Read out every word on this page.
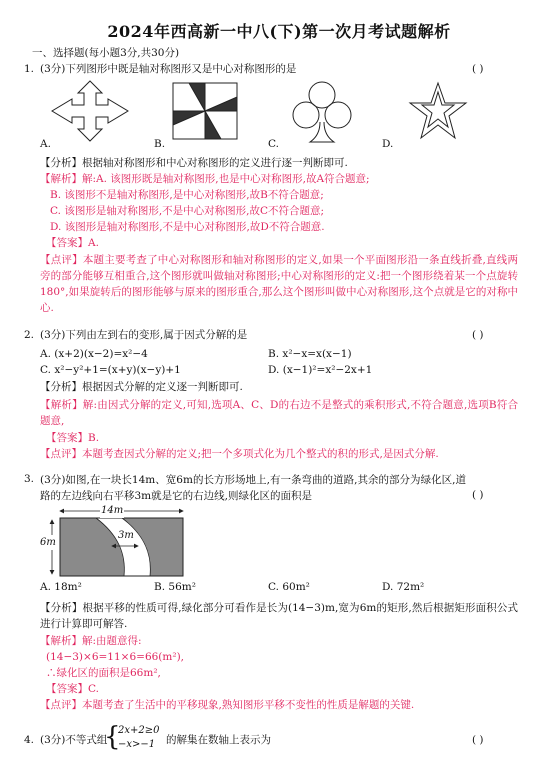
2024年西高新一中八(下)第一次月考试题解析
一、选择题(每小题3分,共30分)
1. (3分)下列图形中既是轴对称图形又是中心对称图形的是	( )
A.	B.	C.	D.
【分析】根据轴对称图形和中心对称图形的定义进行逐一判断即可.
【解析】解:A. 该图形既是轴对称图形,也是中心对称图形,故A符合题意;
B. 该图形不是轴对称图形,是中心对称图形,故B不符合题意;
C. 该图形是轴对称图形,不是中心对称图形,故C不符合题意;
D. 该图形是轴对称图形,不是中心对称图形,故D不符合题意.
【答案】A.
【点评】本题主要考查了中心对称图形和轴对称图形的定义,如果一个平面图形沿一条直线折叠,直线两旁的部分能够互相重合,这个图形就叫做轴对称图形;中心对称图形的定义:把一个图形绕着某一个点旋转180°,如果旋转后的图形能够与原来的图形重合,那么这个图形叫做中心对称图形,这个点就是它的对称中心.
2. (3分)下列由左到右的变形,属于因式分解的是	( )
A. (x+2)(x−2)=x²−4	B. x²−x=x(x−1)
C. x²−y²+1=(x+y)(x−y)+1	D. (x−1)²=x²−2x+1
【分析】根据因式分解的定义逐一判断即可.
【解析】解:由因式分解的定义,可知,选项A、C、D的右边不是整式的乘积形式,不符合题意,选项B符合题意,
【答案】B.
【点评】本题考查因式分解的定义;把一个多项式化为几个整式的积的形式,是因式分解.
3. (3分)如图,在一块长14m、宽6m的长方形场地上,有一条弯曲的道路,其余的部分为绿化区,道路的左边线向右平移3m就是它的右边线,则绿化区的面积是	( )
14m
3m
6m
A. 18m²	B. 56m²	C. 60m²	D. 72m²
【分析】根据平移的性质可得,绿化部分可看作是长为(14−3)m,宽为6m的矩形,然后根据矩形面积公式进行计算即可解答.
【解析】解:由题意得:
(14−3)×6=11×6=66(m²),
∴绿化区的面积是66m²,
【答案】C.
【点评】本题考查了生活中的平移现象,熟知图形平移不变性的性质是解题的关键.
4. (3分)不等式组
{
2x+2≥0
−x>−1 的解集在数轴上表示为	( )
